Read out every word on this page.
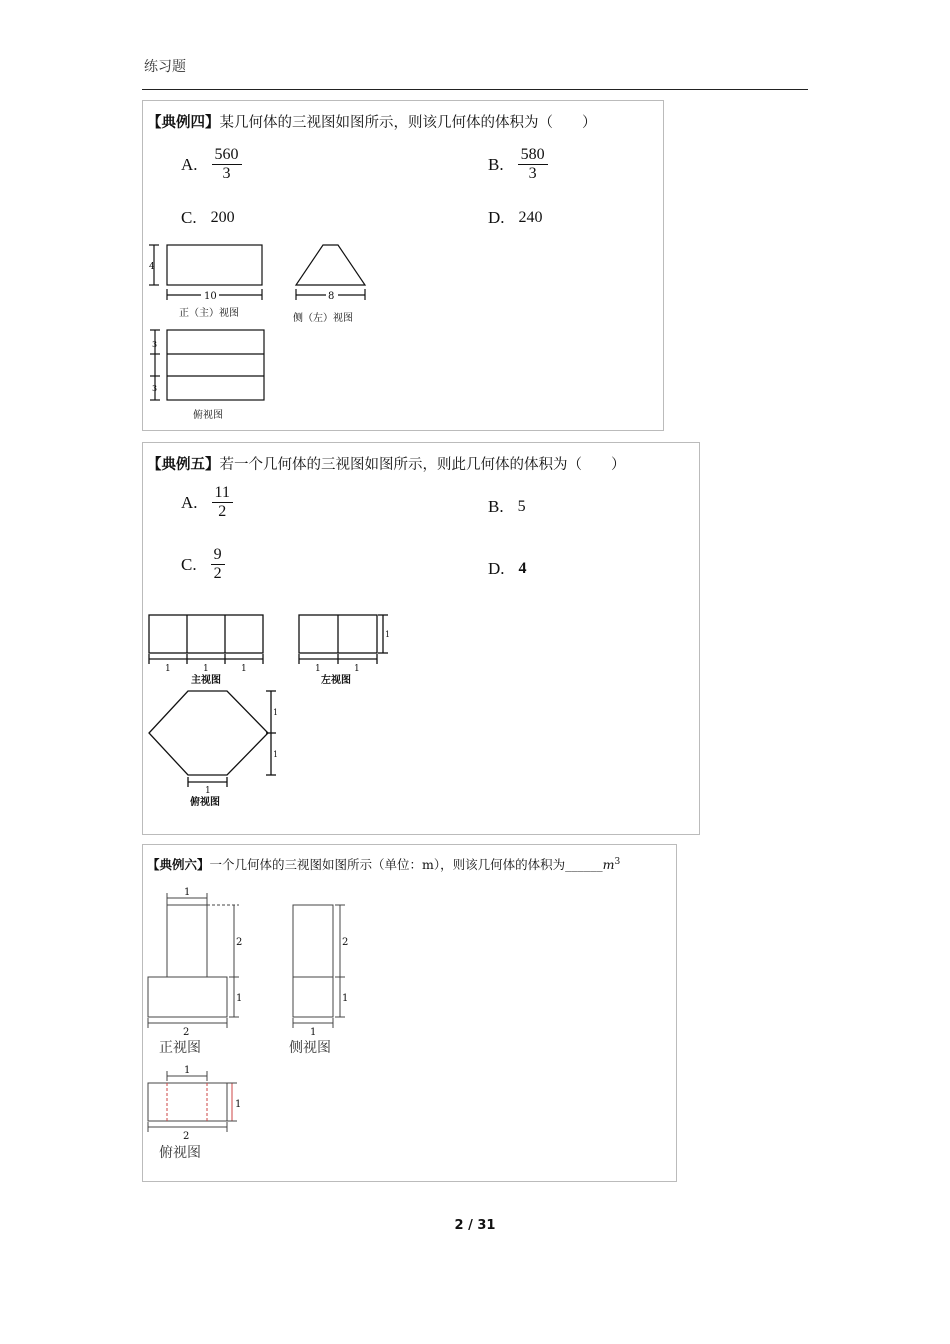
练习题
【典例四】某几何体的三视图如图所示，则该几何体的体积为（　　）
A. $\frac{560}{3}$	B. $\frac{580}{3}$
C. 200	D. 240
4
10
正（主）视图
8
侧（左）视图
3
3
俯视图
【典例五】若一个几何体的三视图如图所示，则此几何体的体积为（　　）
A. $\frac{11}{2}$	B. 5
C. $\frac{9}{2}$	D. 4
1	1	1
主视图
1
1	1
左视图
1
1
1
俯视图
【典例六】一个几何体的三视图如图所示（单位：m），则该几何体的体积为$\_\_\_\_\_\_m^3$
1
2
1
2
正视图
2
1
1
侧视图
1
1
2
俯视图
2 / 31
